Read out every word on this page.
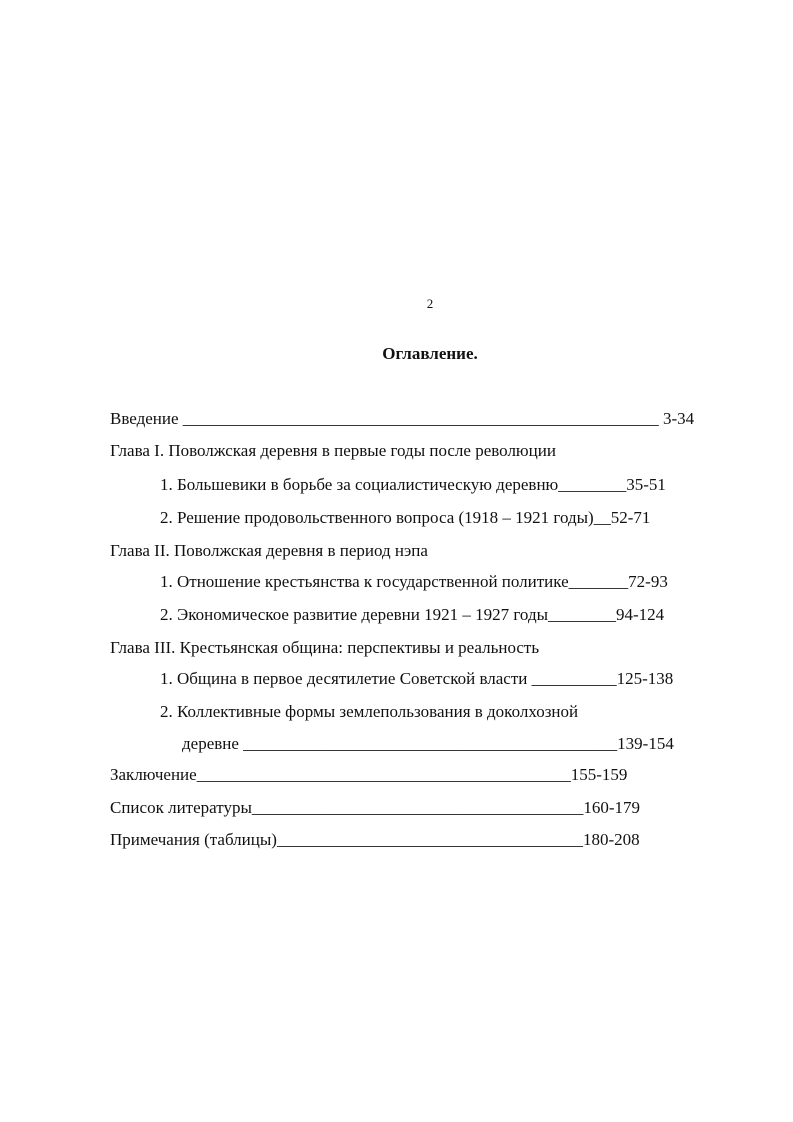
2
Оглавление.
Введение ________________________________________________________ 3-34
Глава I. Поволжская деревня в первые годы после революции
1. Большевики в борьбе за социалистическую деревню________35-51
2. Решение продовольственного вопроса (1918 – 1921 годы)__52-71
Глава II. Поволжская деревня в период нэпа
1. Отношение крестьянства к государственной политике_______72-93
2. Экономическое развитие деревни 1921 – 1927 годы________94-124
Глава III. Крестьянская община: перспективы и реальность
1. Община в первое десятилетие Советской власти __________125-138
2. Коллективные формы землепользования в доколхозной
деревне ____________________________________________139-154
Заключение____________________________________________155-159
Список литературы_______________________________________160-179
Примечания (таблицы)____________________________________180-208
